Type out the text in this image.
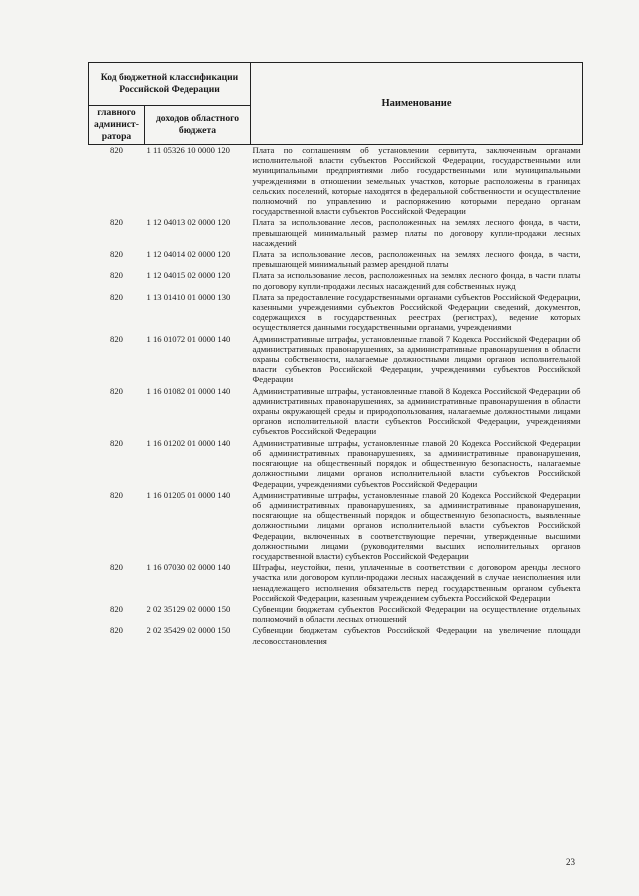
Код бюджетной классификации Российской Федерации		Наименование
главного админист-ратора	доходов областного бюджета	
820	1 11 05326 10 0000 120	Плата по соглашениям об установлении сервитута, заключенным органами исполнительной власти субъектов Российской Федерации, государственными или муниципальными предприятиями либо государственными или муниципальными учреждениями в отношении земельных участков, которые расположены в границах сельских поселений, которые находятся в федеральной собственности и осуществление полномочий по управлению и распоряжению которыми передано органам государственной власти субъектов Российской Федерации
820	1 12 04013 02 0000 120	Плата за использование лесов, расположенных на землях лесного фонда, в части, превышающей минимальный размер платы по договору купли-продажи лесных насаждений
820	1 12 04014 02 0000 120	Плата за использование лесов, расположенных на землях лесного фонда, в части, превышающей минимальный размер арендной платы
820	1 12 04015 02 0000 120	Плата за использование лесов, расположенных на землях лесного фонда, в части платы по договору купли-продажи лесных насаждений для собственных нужд
820	1 13 01410 01 0000 130	Плата за предоставление государственными органами субъектов Российской Федерации, казенными учреждениями субъектов Российской Федерации сведений, документов, содержащихся в государственных реестрах (регистрах), ведение которых осуществляется данными государственными органами, учреждениями
820	1 16 01072 01 0000 140	Административные штрафы, установленные главой 7 Кодекса Российской Федерации об административных правонарушениях, за административные правонарушения в области охраны собственности, налагаемые должностными лицами органов исполнительной власти субъектов Российской Федерации, учреждениями субъектов Российской Федерации
820	1 16 01082 01 0000 140	Административные штрафы, установленные главой 8 Кодекса Российской Федерации об административных правонарушениях, за административные правонарушения в области охраны окружающей среды и природопользования, налагаемые должностными лицами органов исполнительной власти субъектов Российской Федерации, учреждениями субъектов Российской Федерации
820	1 16 01202 01 0000 140	Административные штрафы, установленные главой 20 Кодекса Российской Федерации об административных правонарушениях, за административные правонарушения, посягающие на общественный порядок и общественную безопасность, налагаемые должностными лицами органов исполнительной власти субъектов Российской Федерации, учреждениями субъектов Российской Федерации
820	1 16 01205 01 0000 140	Административные штрафы, установленные главой 20 Кодекса Российской Федерации об административных правонарушениях, за административные правонарушения, посягающие на общественный порядок и общественную безопасность, выявленные должностными лицами органов исполнительной власти субъектов Российской Федерации, включенных в соответствующие перечни, утвержденные высшими должностными лицами (руководителями высших исполнительных органов государственной власти) субъектов Российской Федерации
820	1 16 07030 02 0000 140	Штрафы, неустойки, пени, уплаченные в соответствии с договором аренды лесного участка или договором купли-продажи лесных насаждений в случае неисполнения или ненадлежащего исполнения обязательств перед государственным органом субъекта Российской Федерации, казенным учреждением субъекта Российской Федерации
820	2 02 35129 02 0000 150	Субвенции бюджетам субъектов Российской Федерации на осуществление отдельных полномочий в области лесных отношений
820	2 02 35429 02 0000 150	Субвенции бюджетам субъектов Российской Федерации на увеличение площади лесовосстановления
23
